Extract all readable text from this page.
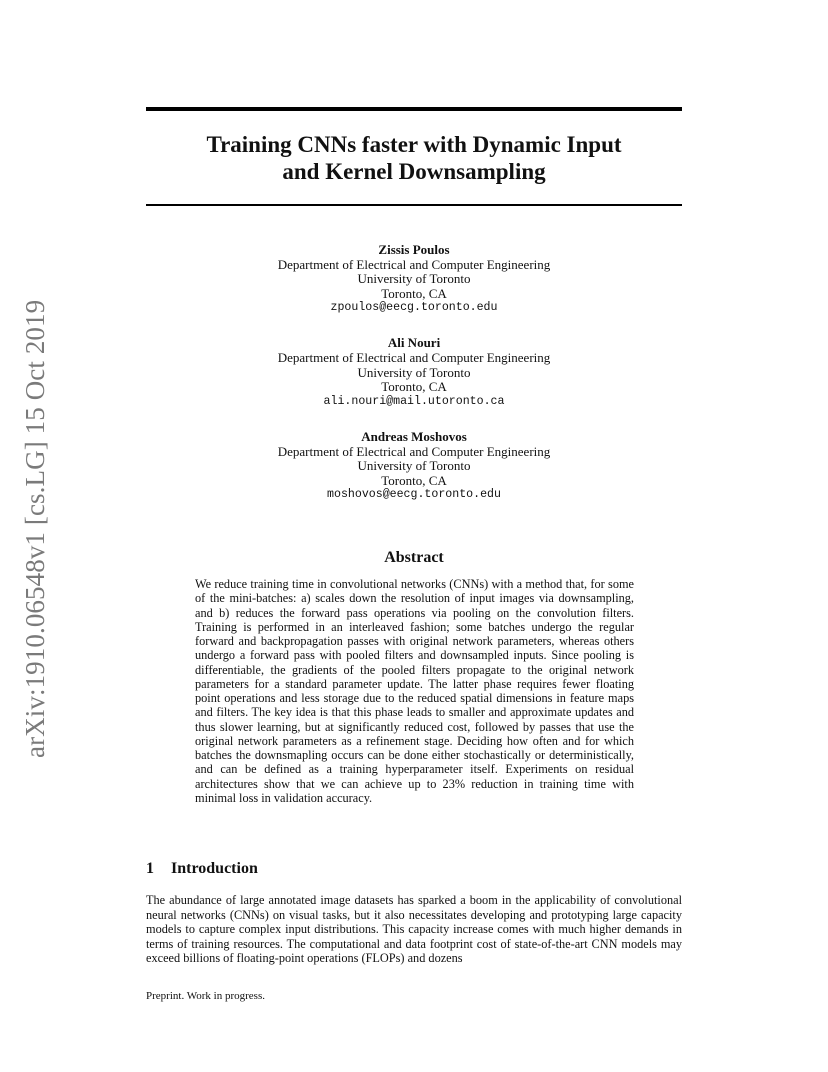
arXiv:1910.06548v1 [cs.LG] 15 Oct 2019
Training CNNs faster with Dynamic Input
and Kernel Downsampling
Zissis Poulos
Department of Electrical and Computer Engineering
University of Toronto
Toronto, CA
zpoulos@eecg.toronto.edu
Ali Nouri
Department of Electrical and Computer Engineering
University of Toronto
Toronto, CA
ali.nouri@mail.utoronto.ca
Andreas Moshovos
Department of Electrical and Computer Engineering
University of Toronto
Toronto, CA
moshovos@eecg.toronto.edu
Abstract
We reduce training time in convolutional networks (CNNs) with a method that, for some of the mini-batches: a) scales down the resolution of input images via downsampling, and b) reduces the forward pass operations via pooling on the convolution filters. Training is performed in an interleaved fashion; some batches undergo the regular forward and backpropagation passes with original network parameters, whereas others undergo a forward pass with pooled filters and downsampled inputs. Since pooling is differentiable, the gradients of the pooled filters propagate to the original network parameters for a standard parameter update. The latter phase requires fewer floating point operations and less storage due to the reduced spatial dimensions in feature maps and filters. The key idea is that this phase leads to smaller and approximate updates and thus slower learning, but at significantly reduced cost, followed by passes that use the original network parameters as a refinement stage. Deciding how often and for which batches the downsmapling occurs can be done either stochastically or deterministically, and can be defined as a training hyperparameter itself. Experiments on residual architectures show that we can achieve up to 23% reduction in training time with minimal loss in validation accuracy.
1 Introduction
The abundance of large annotated image datasets has sparked a boom in the applicability of convolutional neural networks (CNNs) on visual tasks, but it also necessitates developing and prototyping large capacity models to capture complex input distributions. This capacity increase comes with much higher demands in terms of training resources. The computational and data footprint cost of state-of-the-art CNN models may exceed billions of floating-point operations (FLOPs) and dozens
Preprint. Work in progress.
